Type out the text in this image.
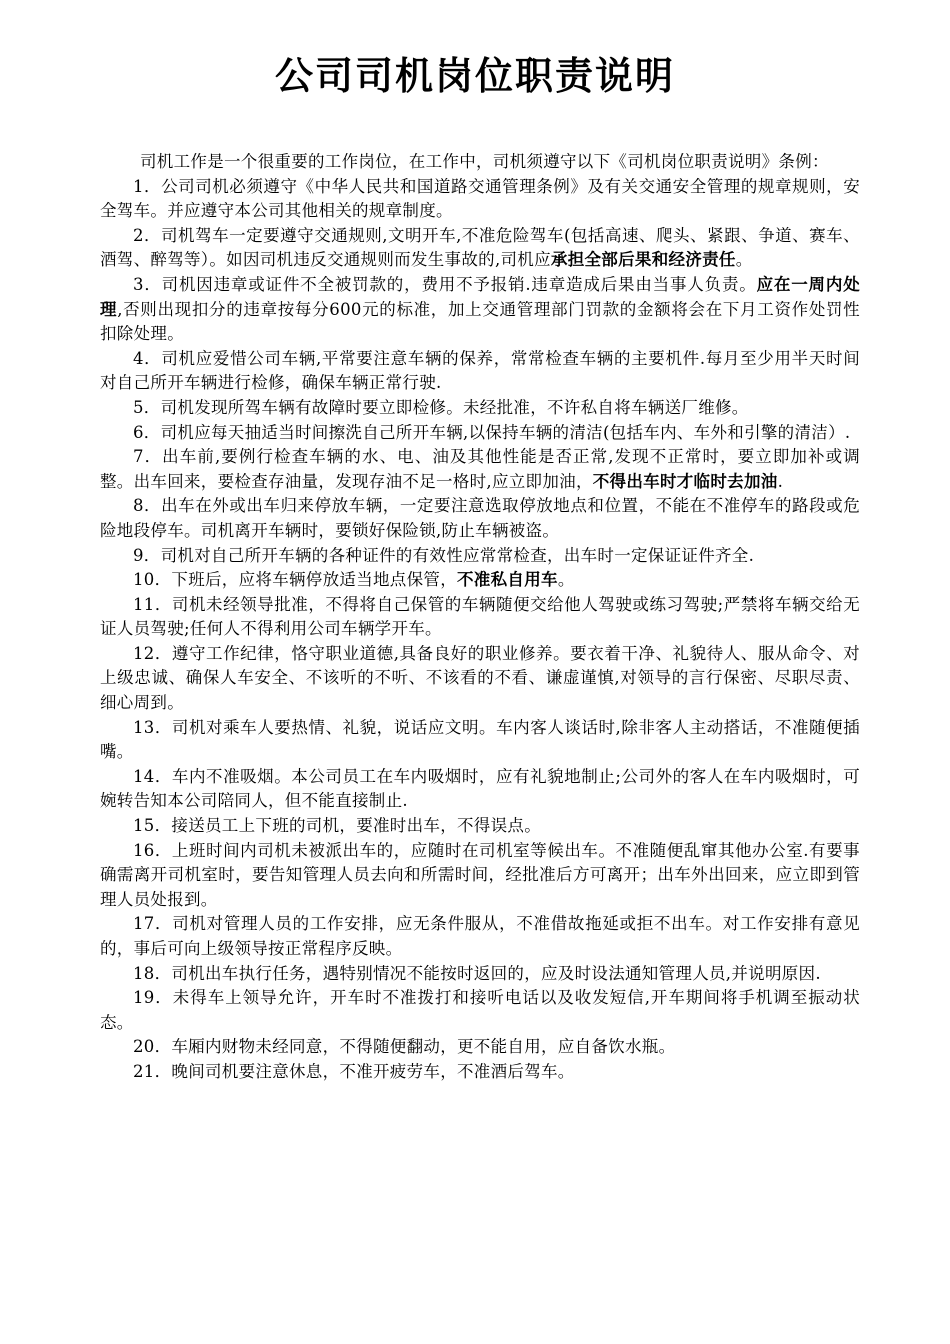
公司司机岗位职责说明

司机工作是一个很重要的工作岗位，在工作中，司机须遵守以下《司机岗位职责说明》条例：

1．公司司机必须遵守《中华人民共和国道路交通管理条例》及有关交通安全管理的规章规则，安全驾车。并应遵守本公司其他相关的规章制度。

2．司机驾车一定要遵守交通规则,文明开车,不准危险驾车(包括高速、爬头、紧跟、争道、赛车、酒驾、醉驾等）。如因司机违反交通规则而发生事故的,司机应承担全部后果和经济责任。

3．司机因违章或证件不全被罚款的，费用不予报销.违章造成后果由当事人负责。应在一周内处理,否则出现扣分的违章按每分600元的标准，加上交通管理部门罚款的金额将会在下月工资作处罚性扣除处理。

4．司机应爱惜公司车辆,平常要注意车辆的保养，常常检查车辆的主要机件.每月至少用半天时间对自己所开车辆进行检修，确保车辆正常行驶.

5．司机发现所驾车辆有故障时要立即检修。未经批准，不许私自将车辆送厂维修。

6．司机应每天抽适当时间擦洗自己所开车辆,以保持车辆的清洁(包括车内、车外和引擎的清洁）.

7．出车前,要例行检查车辆的水、电、油及其他性能是否正常,发现不正常时，要立即加补或调整。出车回来，要检查存油量，发现存油不足一格时,应立即加油，不得出车时才临时去加油.

8．出车在外或出车归来停放车辆，一定要注意选取停放地点和位置，不能在不准停车的路段或危险地段停车。司机离开车辆时，要锁好保险锁,防止车辆被盗。

9．司机对自己所开车辆的各种证件的有效性应常常检查，出车时一定保证证件齐全.

10．下班后，应将车辆停放适当地点保管，不准私自用车。

11．司机未经领导批准，不得将自己保管的车辆随便交给他人驾驶或练习驾驶;严禁将车辆交给无证人员驾驶;任何人不得利用公司车辆学开车。

12．遵守工作纪律，恪守职业道德,具备良好的职业修养。要衣着干净、礼貌待人、服从命令、对上级忠诚、确保人车安全、不该听的不听、不该看的不看、谦虚谨慎,对领导的言行保密、尽职尽责、细心周到。

13．司机对乘车人要热情、礼貌，说话应文明。车内客人谈话时,除非客人主动搭话，不准随便插嘴。

14．车内不准吸烟。本公司员工在车内吸烟时，应有礼貌地制止;公司外的客人在车内吸烟时，可婉转告知本公司陪同人，但不能直接制止.

15．接送员工上下班的司机，要准时出车，不得误点。

16．上班时间内司机未被派出车的，应随时在司机室等候出车。不准随便乱窜其他办公室.有要事确需离开司机室时，要告知管理人员去向和所需时间，经批准后方可离开；出车外出回来，应立即到管理人员处报到。

17．司机对管理人员的工作安排，应无条件服从，不准借故拖延或拒不出车。对工作安排有意见的，事后可向上级领导按正常程序反映。

18．司机出车执行任务，遇特别情况不能按时返回的，应及时设法通知管理人员,并说明原因.

19．未得车上领导允许，开车时不准拨打和接听电话以及收发短信,开车期间将手机调至振动状态。

20．车厢内财物未经同意，不得随便翻动，更不能自用，应自备饮水瓶。

21．晚间司机要注意休息，不准开疲劳车，不准酒后驾车。
